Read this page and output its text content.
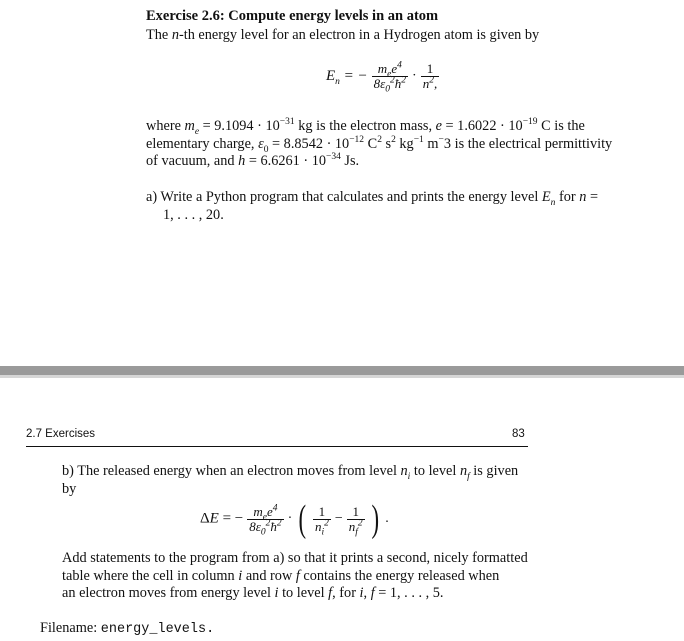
Exercise 2.6: Compute energy levels in an atom
The n-th energy level for an electron in a Hydrogen atom is given by
$E_n$ = − $\frac{m_ee^4}{8\varepsilon_0^2ħ^2} \cdot \frac{1}{n^2,}$
where $m_e = 9.1094 \cdot 10^{-31}$ kg is the electron mass, $e = 1.6022 \cdot 10^{-19}$ C is the
elementary charge, $\varepsilon_0 = 8.8542 \cdot 10^{-12}$ $C^2$ $s^2$ $kg^{-1}$ m−3 is the electrical permittivity
of vacuum, and $h = 6.6261 \cdot 10^{-34}$ Js.
a) Write a Python program that calculates and prints the energy level $E_n$ for n =
1, . . . , 20.
2.7 Exercises	83
b) The released energy when an electron moves from level $n_i$ to level $n_f$ is given
by
ΔE = − $\frac{m_ee^4}{8\varepsilon_0^2ħ^2}$ · ( $\frac{1}{n_i^2} - \frac{1}{n_f^2}$ ) .
Add statements to the program from a) so that it prints a second, nicely formatted
table where the cell in column i and row f contains the energy released when
an electron moves from energy level i to level f, for i, f = 1, . . . , 5.
Filename: energy_levels.
